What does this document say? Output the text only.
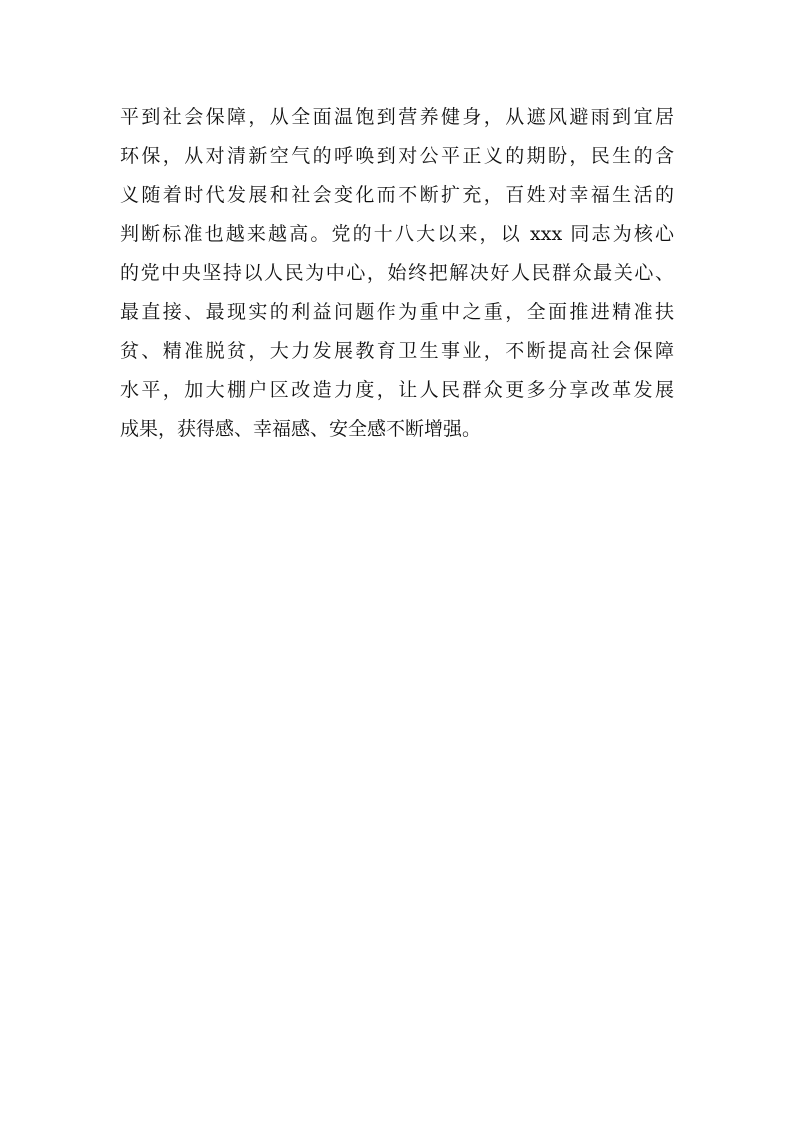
平到社会保障，从全面温饱到营养健身，从遮风避雨到宜居
环保，从对清新空气的呼唤到对公平正义的期盼，民生的含
义随着时代发展和社会变化而不断扩充，百姓对幸福生活的
判断标准也越来越高。党的十八大以来，以 xxx 同志为核心
的党中央坚持以人民为中心，始终把解决好人民群众最关心、
最直接、最现实的利益问题作为重中之重，全面推进精准扶
贫、精准脱贫，大力发展教育卫生事业，不断提高社会保障
水平，加大棚户区改造力度，让人民群众更多分享改革发展
成果，获得感、幸福感、安全感不断增强。
